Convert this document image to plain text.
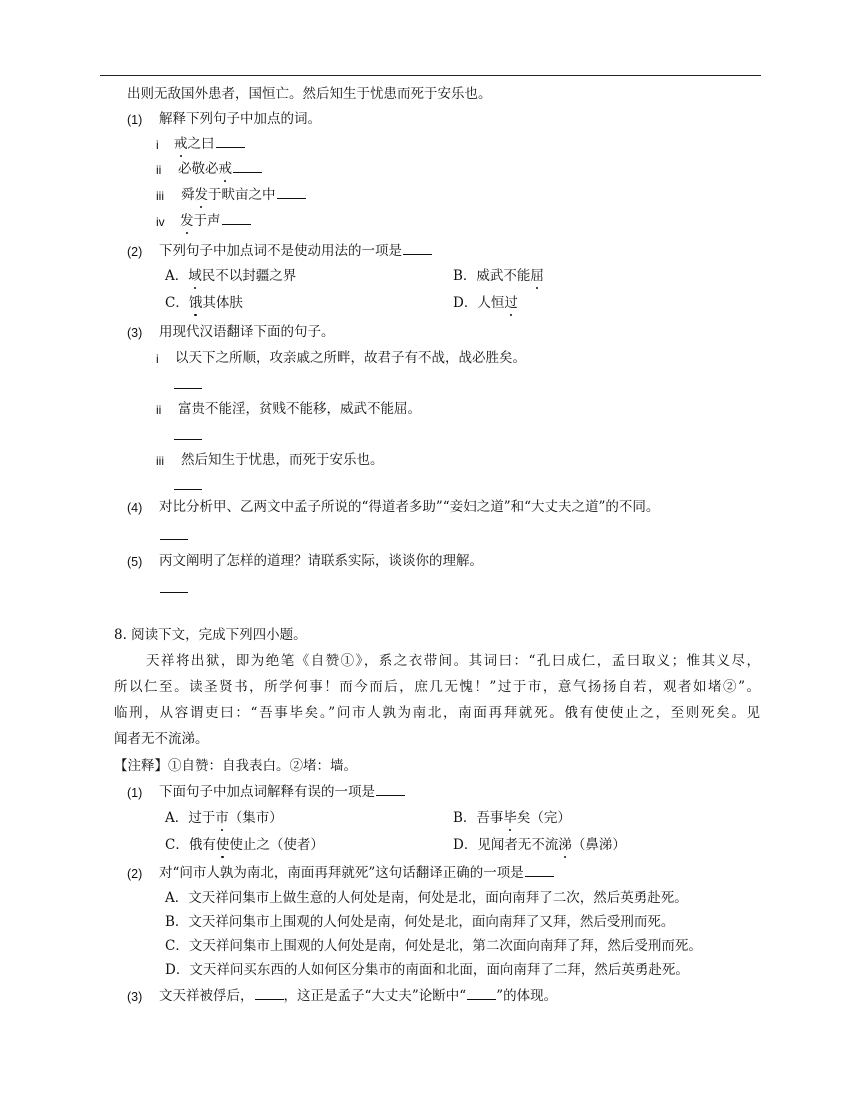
出则无敌国外患者，国恒亡。然后知生于忧患而死于安乐也。
(1) 解释下列句子中加点的词。
i 戒之曰
ii 必敬必戒
iii 舜发于畎亩之中
iv 发于声
(2) 下列句子中加点词不是使动用法的一项是
A．域民不以封疆之界	B．威武不能屈
C．饿其体肤	D．人恒过
(3) 用现代汉语翻译下面的句子。
i 以天下之所顺，攻亲戚之所畔，故君子有不战，战必胜矣。
ii 富贵不能淫，贫贱不能移，威武不能屈。
iii 然后知生于忧患，而死于安乐也。
(4) 对比分析甲、乙两文中孟子所说的“得道者多助”“妾妇之道”和“大丈夫之道”的不同。
(5) 丙文阐明了怎样的道理？请联系实际，谈谈你的理解。
8. 阅读下文，完成下列四小题。
天祥将出狱，即为绝笔《自赞①》，系之衣带间。其词曰：“孔曰成仁，孟曰取义；惟其义尽，
所以仁至。读圣贤书，所学何事！而今而后，庶几无愧！”过于市，意气扬扬自若，观者如堵②”。
临刑，从容谓吏曰：“吾事毕矣。”问市人孰为南北，南面再拜就死。俄有使使止之，至则死矣。见
闻者无不流涕。
【注释】①自赞：自我表白。②堵：墙。
(1) 下面句子中加点词解释有误的一项是
A．过于市（集市）	B．吾事毕矣（完）
C．俄有使使止之（使者）	D．见闻者无不流涕（鼻涕）
(2) 对“问市人孰为南北，南面再拜就死”这句话翻译正确的一项是
A．文天祥问集市上做生意的人何处是南，何处是北，面向南拜了二次，然后英勇赴死。
B．文天祥问集市上围观的人何处是南，何处是北，面向南拜了又拜，然后受刑而死。
C．文天祥问集市上围观的人何处是南，何处是北，第二次面向南拜了拜，然后受刑而死。
D．文天祥问买东西的人如何区分集市的南面和北面，面向南拜了二拜，然后英勇赴死。
(3) 文天祥被俘后， ，这正是孟子“大丈夫”论断中“ ”的体现。
